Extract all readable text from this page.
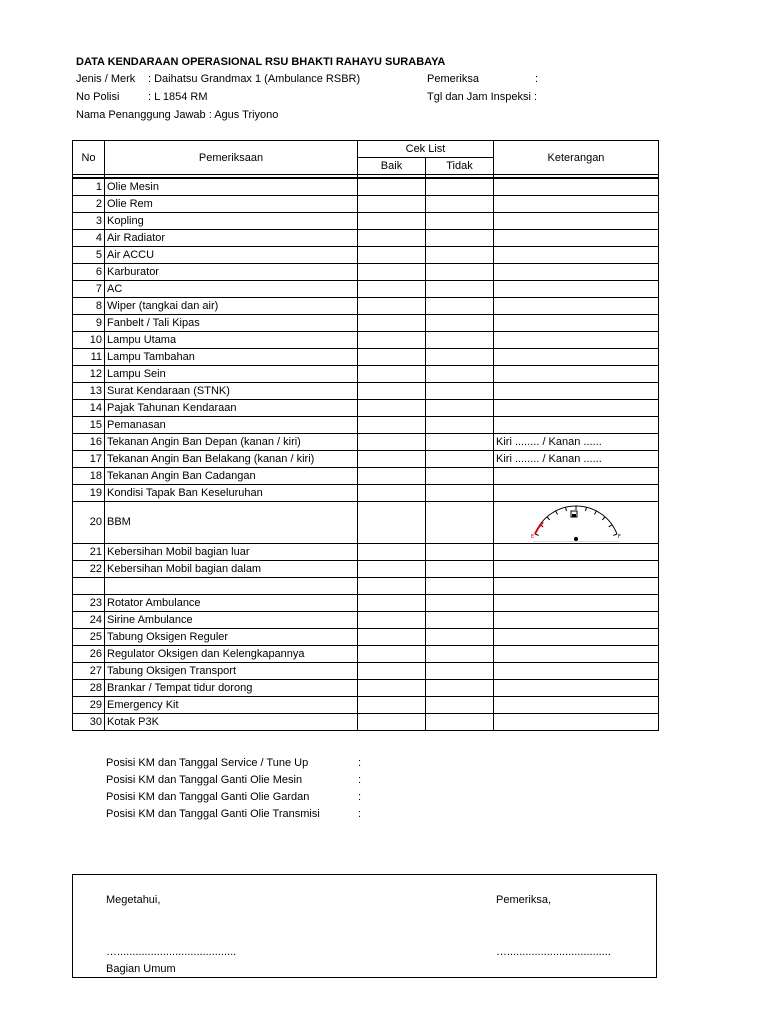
DATA KENDARAAN OPERASIONAL RSU BHAKTI RAHAYU SURABAYA
Jenis / Merk : Daihatsu Grandmax 1 (Ambulance RSBR)
No Polisi	: L 1854 RM
Nama Penanggung Jawab : Agus Triyono
Pemeriksa	:
Tgl dan Jam Inspeksi :
No	Pemeriksaan	Cek List		Keterangan
		Baik	Tidak	

1	Olie Mesin			
2	Olie Rem			
3	Kopling			
4	Air Radiator			
5	Air ACCU			
6	Karburator			
7	AC			
8	Wiper (tangkai dan air)			
9	Fanbelt / Tali Kipas			
10	Lampu Utama			
11	Lampu Tambahan			
12	Lampu Sein			
13	Surat Kendaraan (STNK)			
14	Pajak Tahunan Kendaraan			
15	Pemanasan			
16	Tekanan Angin Ban Depan (kanan / kiri)			Kiri ........ / Kanan ......
17	Tekanan Angin Ban Belakang (kanan / kiri)			Kiri ........ / Kanan ......
18	Tekanan Angin Ban Cadangan			
19	Kondisi Tapak Ban Keseluruhan			
20	BBM			E F

21	Kebersihan Mobil bagian luar			
22	Kebersihan Mobil bagian dalam			

23	Rotator Ambulance			
24	Sirine Ambulance			
25	Tabung Oksigen Reguler			
26	Regulator Oksigen dan Kelengkapannya			
27	Tabung Oksigen Transport			
28	Brankar / Tempat tidur dorong			
29	Emergency Kit			
30	Kotak P3K			
Posisi KM dan Tanggal Service / Tune Up	:
Posisi KM dan Tanggal Ganti Olie Mesin	:
Posisi KM dan Tanggal Ganti Olie Gardan	:
Posisi KM dan Tanggal Ganti Olie Transmisi	:
Megetahui,
….......................................
Bagian Umum
Pemeriksa,
…..................................
